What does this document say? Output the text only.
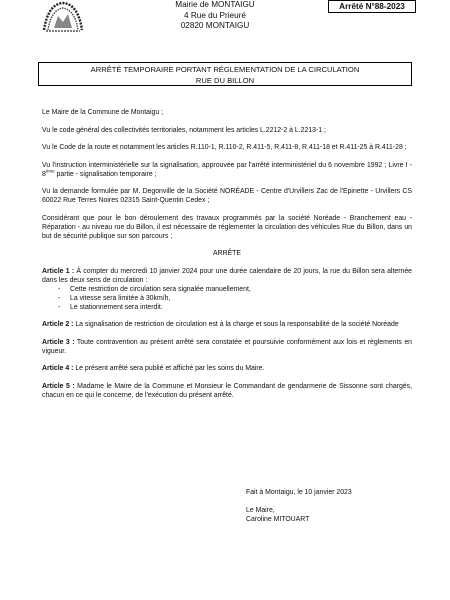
Mairie de MONTAIGU
4 Rue du Prieuré
02820 MONTAIGU
Arrêté N°88-2023
ARRÊTÉ TEMPORAIRE PORTANT RÉGLEMENTATION DE LA CIRCULATION
RUE DU BILLON

Le Maire de la Commune de Montaigu ;

Vu le code général des collectivités territoriales, notamment les articles L.2212-2 à L.2213-1 ;

Vu le Code de la route et notamment les articles R.110-1, R.110-2, R.411-5, R.411-8, R.411-18 et R.411-25 à R.411-28 ;

Vu l'instruction interministérielle sur la signalisation, approuvée par l'arrêté interministériel du 6 novembre 1992 ; Livre I - 8ème partie - signalisation temporaire ;

Vu la demande formulée par M. Degonville de la Société NORÉADE - Centre d'Urvillers Zac de l'Epinette - Urvillers CS 60022 Rue Terres Noires 02315 Saint-Quentin Cedex ;

Considérant que pour le bon déroulement des travaux programmés par la société Noréade - Branchement eau - Réparation - au niveau rue du Billon, il est nécessaire de réglementer la circulation des véhicules Rue du Billon, dans un but de sécurité publique sur son parcours ;

ARRÊTE

Article 1 : À compter du mercredi 10 janvier 2024 pour une durée calendaire de 20 jours, la rue du Billon sera alternée dans les deux sens de circulation :

- Cette restriction de circulation sera signalée manuellement,
- La vitesse sera limitée à 30km/h,
- Le stationnement sera interdit.

Article 2 : La signalisation de restriction de circulation est à la charge et sous la responsabilité de la société Noréade

Article 3 : Toute contravention au présent arrêté sera constatée et poursuivie conformément aux lois et règlements en vigueur.

Article 4 : Le présent arrêté sera publié et affiché par les soins du Maire.

Article 5 : Madame le Maire de la Commune et Monsieur le Commandant de gendarmerie de Sissonne sont chargés, chacun en ce qui le concerne, de l'exécution du présent arrêté.

Fait à Montaigu, le 10 janvier 2023
Le Maire,
Caroline MITOUART
